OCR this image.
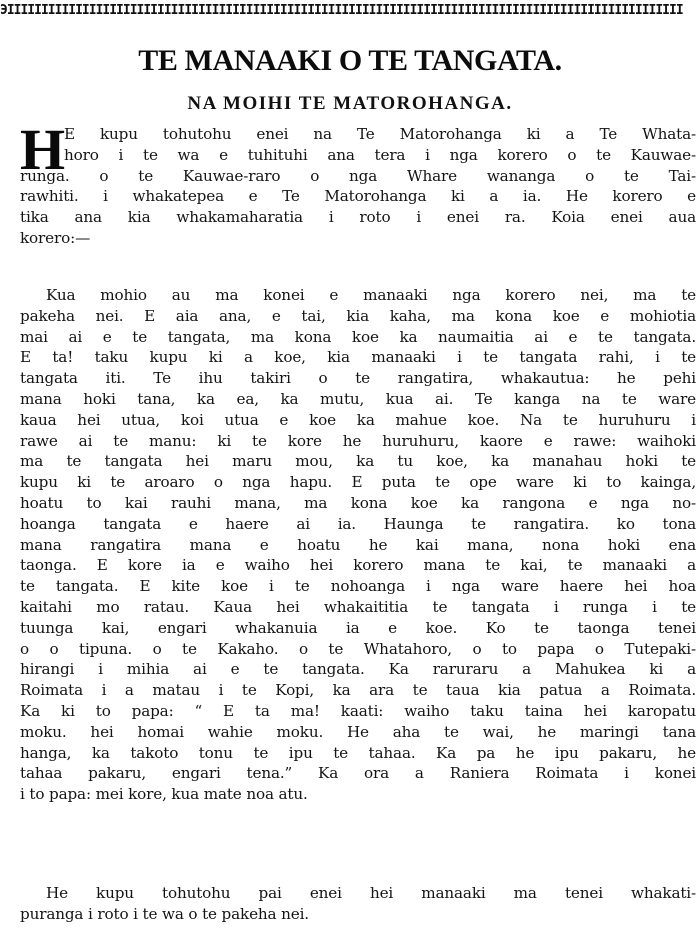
ЭIIIIIIIIIIIIIIIIIIIIIIIIIIIIIIIIIIIIIIIIIIIIIIIIIIIIIIIIIIIIIIIIIIIIIIIIIIIIIIIIIIIIIIIIIIIIIIIIIII
TE MANAAKI O TE TANGATA.
NA MOIHI TE MATOROHANGA.
H
E kupu tohutohu enei na Te Matorohanga ki a Te Whata-
horo i te wa e tuhituhi ana tera i nga korero o te Kauwae-
runga. o te Kauwae-raro o nga Whare wananga o te Tai-
rawhiti. i whakatepea e Te Matorohanga ki a ia. He korero e
tika ana kia whakamaharatia i roto i enei ra. Koia enei aua
korero:—
Kua mohio au ma konei e manaaki nga korero nei, ma te
pakeha nei. E aia ana, e tai, kia kaha, ma kona koe e mohiotia
mai ai e te tangata, ma kona koe ka naumaitia ai e te tangata.
E ta! taku kupu ki a koe, kia manaaki i te tangata rahi, i te
tangata iti. Te ihu takiri o te rangatira, whakautua: he pehi
mana hoki tana, ka ea, ka mutu, kua ai. Te kanga na te ware
kaua hei utua, koi utua e koe ka mahue koe. Na te huruhuru i
rawe ai te manu: ki te kore he huruhuru, kaore e rawe: waihoki
ma te tangata hei maru mou, ka tu koe, ka manahau hoki te
kupu ki te aroaro o nga hapu. E puta te ope ware ki to kainga,
hoatu to kai rauhi mana, ma kona koe ka rangona e nga no-
hoanga tangata e haere ai ia. Haunga te rangatira. ko tona
mana rangatira mana e hoatu he kai mana, nona hoki ena
taonga. E kore ia e waiho hei korero mana te kai, te manaaki a
te tangata. E kite koe i te nohoanga i nga ware haere hei hoa
kaitahi mo ratau. Kaua hei whakaititia te tangata i runga i te
tuunga kai, engari whakanuia ia e koe. Ko te taonga tenei
o o tipuna. o te Kakaho. o te Whatahoro, o to papa o Tutepaki-
hirangi i mihia ai e te tangata. Ka raruraru a Mahukea ki a
Roimata i a matau i te Kopi, ka ara te taua kia patua a Roimata.
Ka ki to papa: “ E ta ma! kaati: waiho taku taina hei karopatu
moku. hei homai wahie moku. He aha te wai, he maringi tana
hanga, ka takoto tonu te ipu te tahaa. Ka pa he ipu pakaru, he
tahaa pakaru, engari tena.” Ka ora a Raniera Roimata i konei
i to papa: mei kore, kua mate noa atu.
He kupu tohutohu pai enei hei manaaki ma tenei whakati-
puranga i roto i te wa o te pakeha nei.
